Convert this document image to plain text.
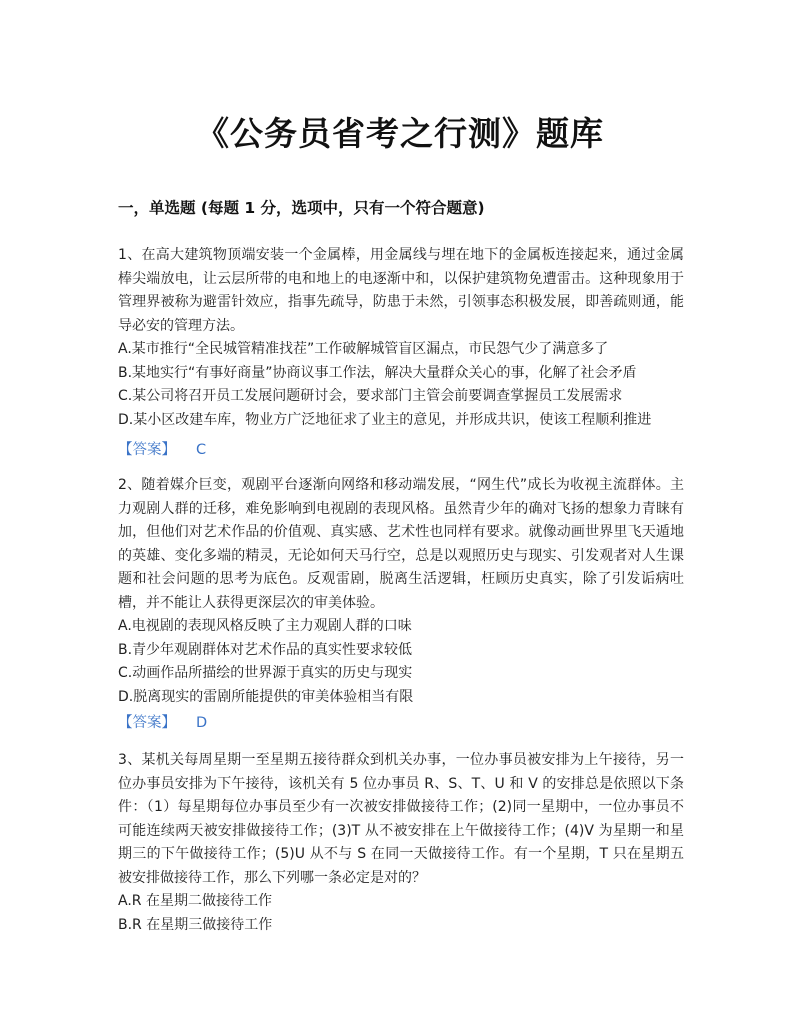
《公务员省考之行测》题库
一，单选题 (每题 1 分，选项中，只有一个符合题意)

1、在高大建筑物顶端安装一个金属棒，用金属线与埋在地下的金属板连接起来，通过金属棒尖端放电，让云层所带的电和地上的电逐渐中和，以保护建筑物免遭雷击。这种现象用于管理界被称为避雷针效应，指事先疏导，防患于未然，引领事态积极发展，即善疏则通，能导必安的管理方法。

A.某市推行“全民城管精准找茬”工作破解城管盲区漏点，市民怨气少了满意多了

B.某地实行“有事好商量”协商议事工作法，解决大量群众关心的事，化解了社会矛盾

C.某公司将召开员工发展问题研讨会，要求部门主管会前要调查掌握员工发展需求

D.某小区改建车库，物业方广泛地征求了业主的意见，并形成共识，使该工程顺利推进

【答案】 C

2、随着媒介巨变，观剧平台逐渐向网络和移动端发展，“网生代”成长为收视主流群体。主力观剧人群的迁移，难免影响到电视剧的表现风格。虽然青少年的确对飞扬的想象力青睐有加，但他们对艺术作品的价值观、真实感、艺术性也同样有要求。就像动画世界里飞天遁地的英雄、变化多端的精灵，无论如何天马行空，总是以观照历史与现实、引发观者对人生课题和社会问题的思考为底色。反观雷剧，脱离生活逻辑，枉顾历史真实，除了引发诟病吐槽，并不能让人获得更深层次的审美体验。

A.电视剧的表现风格反映了主力观剧人群的口味

B.青少年观剧群体对艺术作品的真实性要求较低

C.动画作品所描绘的世界源于真实的历史与现实

D.脱离现实的雷剧所能提供的审美体验相当有限

【答案】 D

3、某机关每周星期一至星期五接待群众到机关办事，一位办事员被安排为上午接待，另一位办事员安排为下午接待，该机关有 5 位办事员 R、S、T、U 和 V 的安排总是依照以下条件：（1）每星期每位办事员至少有一次被安排做接待工作；(2)同一星期中，一位办事员不可能连续两天被安排做接待工作；(3)T 从不被安排在上午做接待工作；(4)V 为星期一和星期三的下午做接待工作；(5)U 从不与 S 在同一天做接待工作。有一个星期，T 只在星期五被安排做接待工作，那么下列哪一条必定是对的？

A.R 在星期二做接待工作

B.R 在星期三做接待工作
